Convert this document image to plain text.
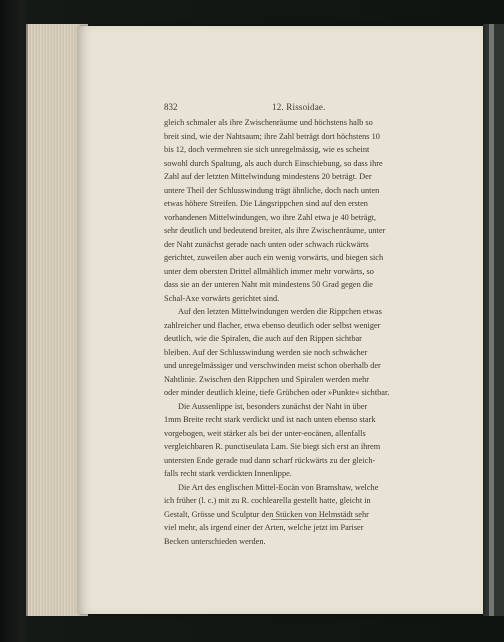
832	12. Rissoidae.
gleich schmaler als ihre Zwischenräume und höchstens halb so
breit sind, wie der Nahtsaum; ihre Zahl beträgt dort höchstens 10
bis 12, doch vermehren sie sich unregelmässig, wie es scheint
sowohl durch Spaltung, als auch durch Einschiebung, so dass ihre
Zahl auf der letzten Mittelwindung mindestens 20 beträgt. Der
untere Theil der Schlusswindung trägt ähnliche, doch nach unten
etwas höhere Streifen. Die Längsrippchen sind auf den ersten
vorhandenen Mittelwindungen, wo ihre Zahl etwa je 40 beträgt,
sehr deutlich und bedeutend breiter, als ihre Zwischenräume, unter
der Naht zunächst gerade nach unten oder schwach rückwärts
gerichtet, zuweilen aber auch ein wenig vorwärts, und biegen sich
unter dem obersten Drittel allmählich immer mehr vorwärts, so
dass sie an der unteren Naht mit mindestens 50 Grad gegen die
Schal-Axe vorwärts gerichtet sind.
Auf den letzten Mittelwindungen werden die Rippchen etwas
zahlreicher und flacher, etwa ebenso deutlich oder selbst weniger
deutlich, wie die Spiralen, die auch auf den Rippen sichtbar
bleiben. Auf der Schlusswindung werden sie noch schwächer
und unregelmässiger und verschwinden meist schon oberhalb der
Nahtlinie. Zwischen den Rippchen und Spiralen werden mehr
oder minder deutlich kleine, tiefe Grübchen oder »Punkte« sichtbar.
Die Aussenlippe ist, besonders zunächst der Naht in über
1mm Breite recht stark verdickt und ist nach unten ebenso stark
vorgebogen, weit stärker als bei der unter-eocänen, allenfalls
vergleichbaren R. punctiseulata Lam. Sie biegt sich erst an ihrem
untersten Ende gerade nud dann scharf rückwärts zu der gleich-
falls recht stark verdickten Innenlippe.
Die Art des englischen Mittel-Eocän von Bramshaw, welche
ich früher (l. c.) mit zu R. cochlearella gestellt hatte, gleicht in
Gestalt, Grösse und Sculptur den Stücken von Helmstädt sehr
viel mehr, als irgend einer der Arten, welche jetzt im Pariser
Becken unterschieden werden.
